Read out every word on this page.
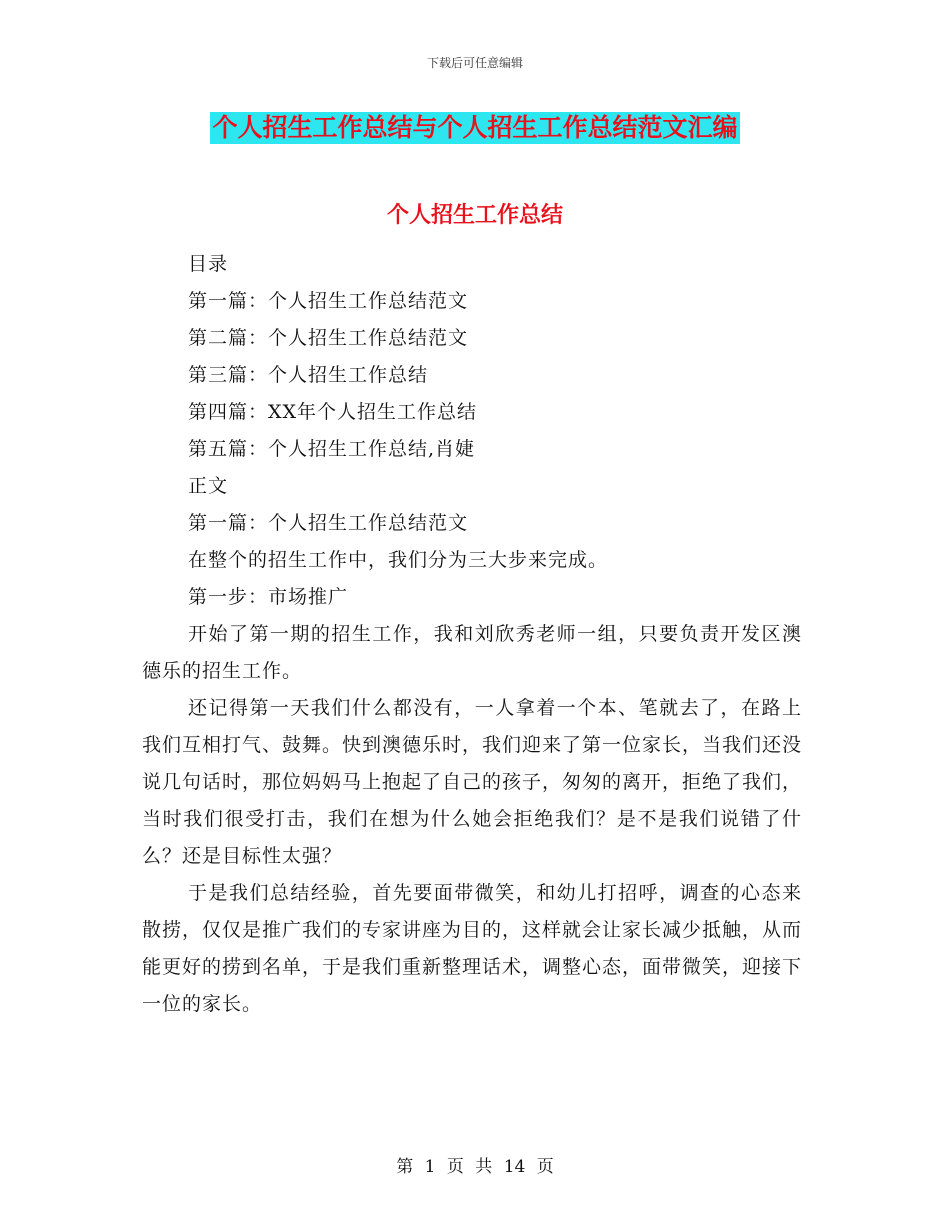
下载后可任意编辑
个人招生工作总结与个人招生工作总结范文汇编
个人招生工作总结
目录
第一篇：个人招生工作总结范文
第二篇：个人招生工作总结范文
第三篇：个人招生工作总结
第四篇：XX年个人招生工作总结
第五篇：个人招生工作总结,肖婕
正文
第一篇：个人招生工作总结范文
在整个的招生工作中，我们分为三大步来完成。
第一步：市场推广
开始了第一期的招生工作，我和刘欣秀老师一组，只要负责开发区澳德乐的招生工作。
还记得第一天我们什么都没有，一人拿着一个本、笔就去了，在路上我们互相打气、鼓舞。快到澳德乐时，我们迎来了第一位家长，当我们还没说几句话时，那位妈妈马上抱起了自己的孩子，匆匆的离开，拒绝了我们，当时我们很受打击，我们在想为什么她会拒绝我们？是不是我们说错了什么？还是目标性太强？
于是我们总结经验，首先要面带微笑，和幼儿打招呼，调查的心态来散捞，仅仅是推广我们的专家讲座为目的，这样就会让家长减少抵触，从而能更好的捞到名单，于是我们重新整理话术，调整心态，面带微笑，迎接下一位的家长。
第 1 页 共 14 页
